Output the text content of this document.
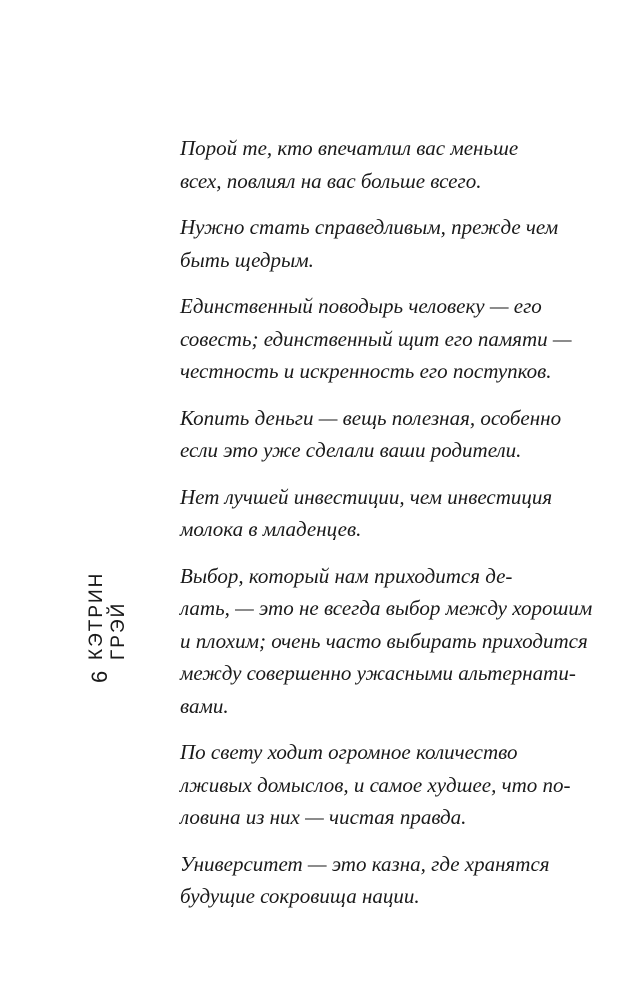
КЭТРИН ГРЭЙ
6

Порой те, кто впечатлил вас меньше
всех, повлиял на вас больше всего.

Нужно стать справедливым, прежде чем
быть щедрым.

Единственный поводырь человеку — его
совесть; единственный щит его памяти —
честность и искренность его поступков.

Копить деньги — вещь полезная, особенно
если это уже сделали ваши родители.

Нет лучшей инвестиции, чем инвестиция
молока в младенцев.

Выбор, который нам приходится де-
лать, — это не всегда выбор между хорошим
и плохим; очень часто выбирать приходится
между совершенно ужасными альтернати-
вами.

По свету ходит огромное количество
лживых домыслов, и самое худшее, что по-
ловина из них — чистая правда.

Университет — это казна, где хранятся
будущие сокровища нации.
